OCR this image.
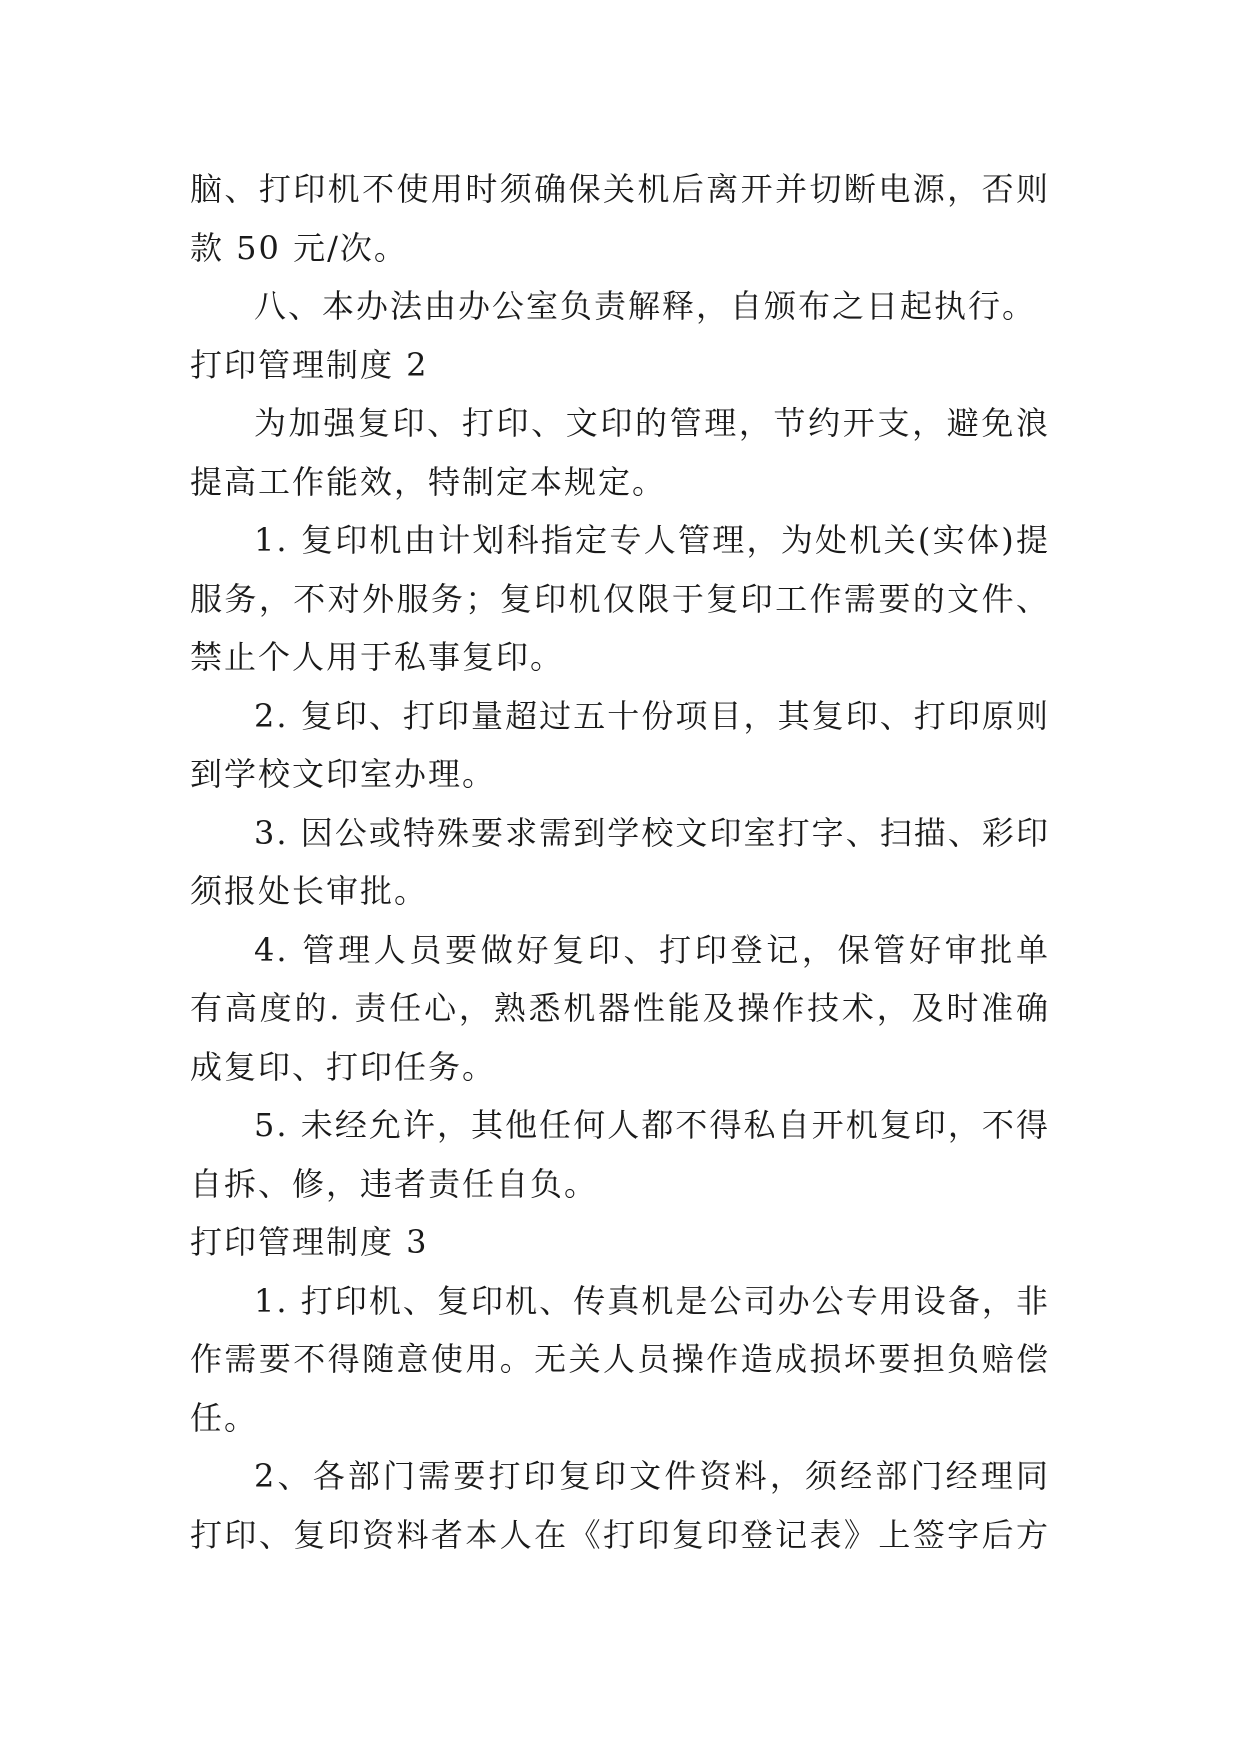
脑、打印机不使用时须确保关机后离开并切断电源，否则
款 50 元/次。
八、本办法由办公室负责解释，自颁布之日起执行。
打印管理制度 2
为加强复印、打印、文印的管理，节约开支，避免浪
提高工作能效，特制定本规定。
1. 复印机由计划科指定专人管理，为处机关(实体)提
服务，不对外服务；复印机仅限于复印工作需要的文件、
禁止个人用于私事复印。
2. 复印、打印量超过五十份项目，其复印、打印原则
到学校文印室办理。
3. 因公或特殊要求需到学校文印室打字、扫描、彩印
须报处长审批。
4. 管理人员要做好复印、打印登记，保管好审批单
有高度的. 责任心，熟悉机器性能及操作技术，及时准确
成复印、打印任务。
5. 未经允许，其他任何人都不得私自开机复印，不得
自拆、修，违者责任自负。
打印管理制度 3
1. 打印机、复印机、传真机是公司办公专用设备，非
作需要不得随意使用。无关人员操作造成损坏要担负赔偿
任。
2、各部门需要打印复印文件资料，须经部门经理同
打印、复印资料者本人在《打印复印登记表》上签字后方
